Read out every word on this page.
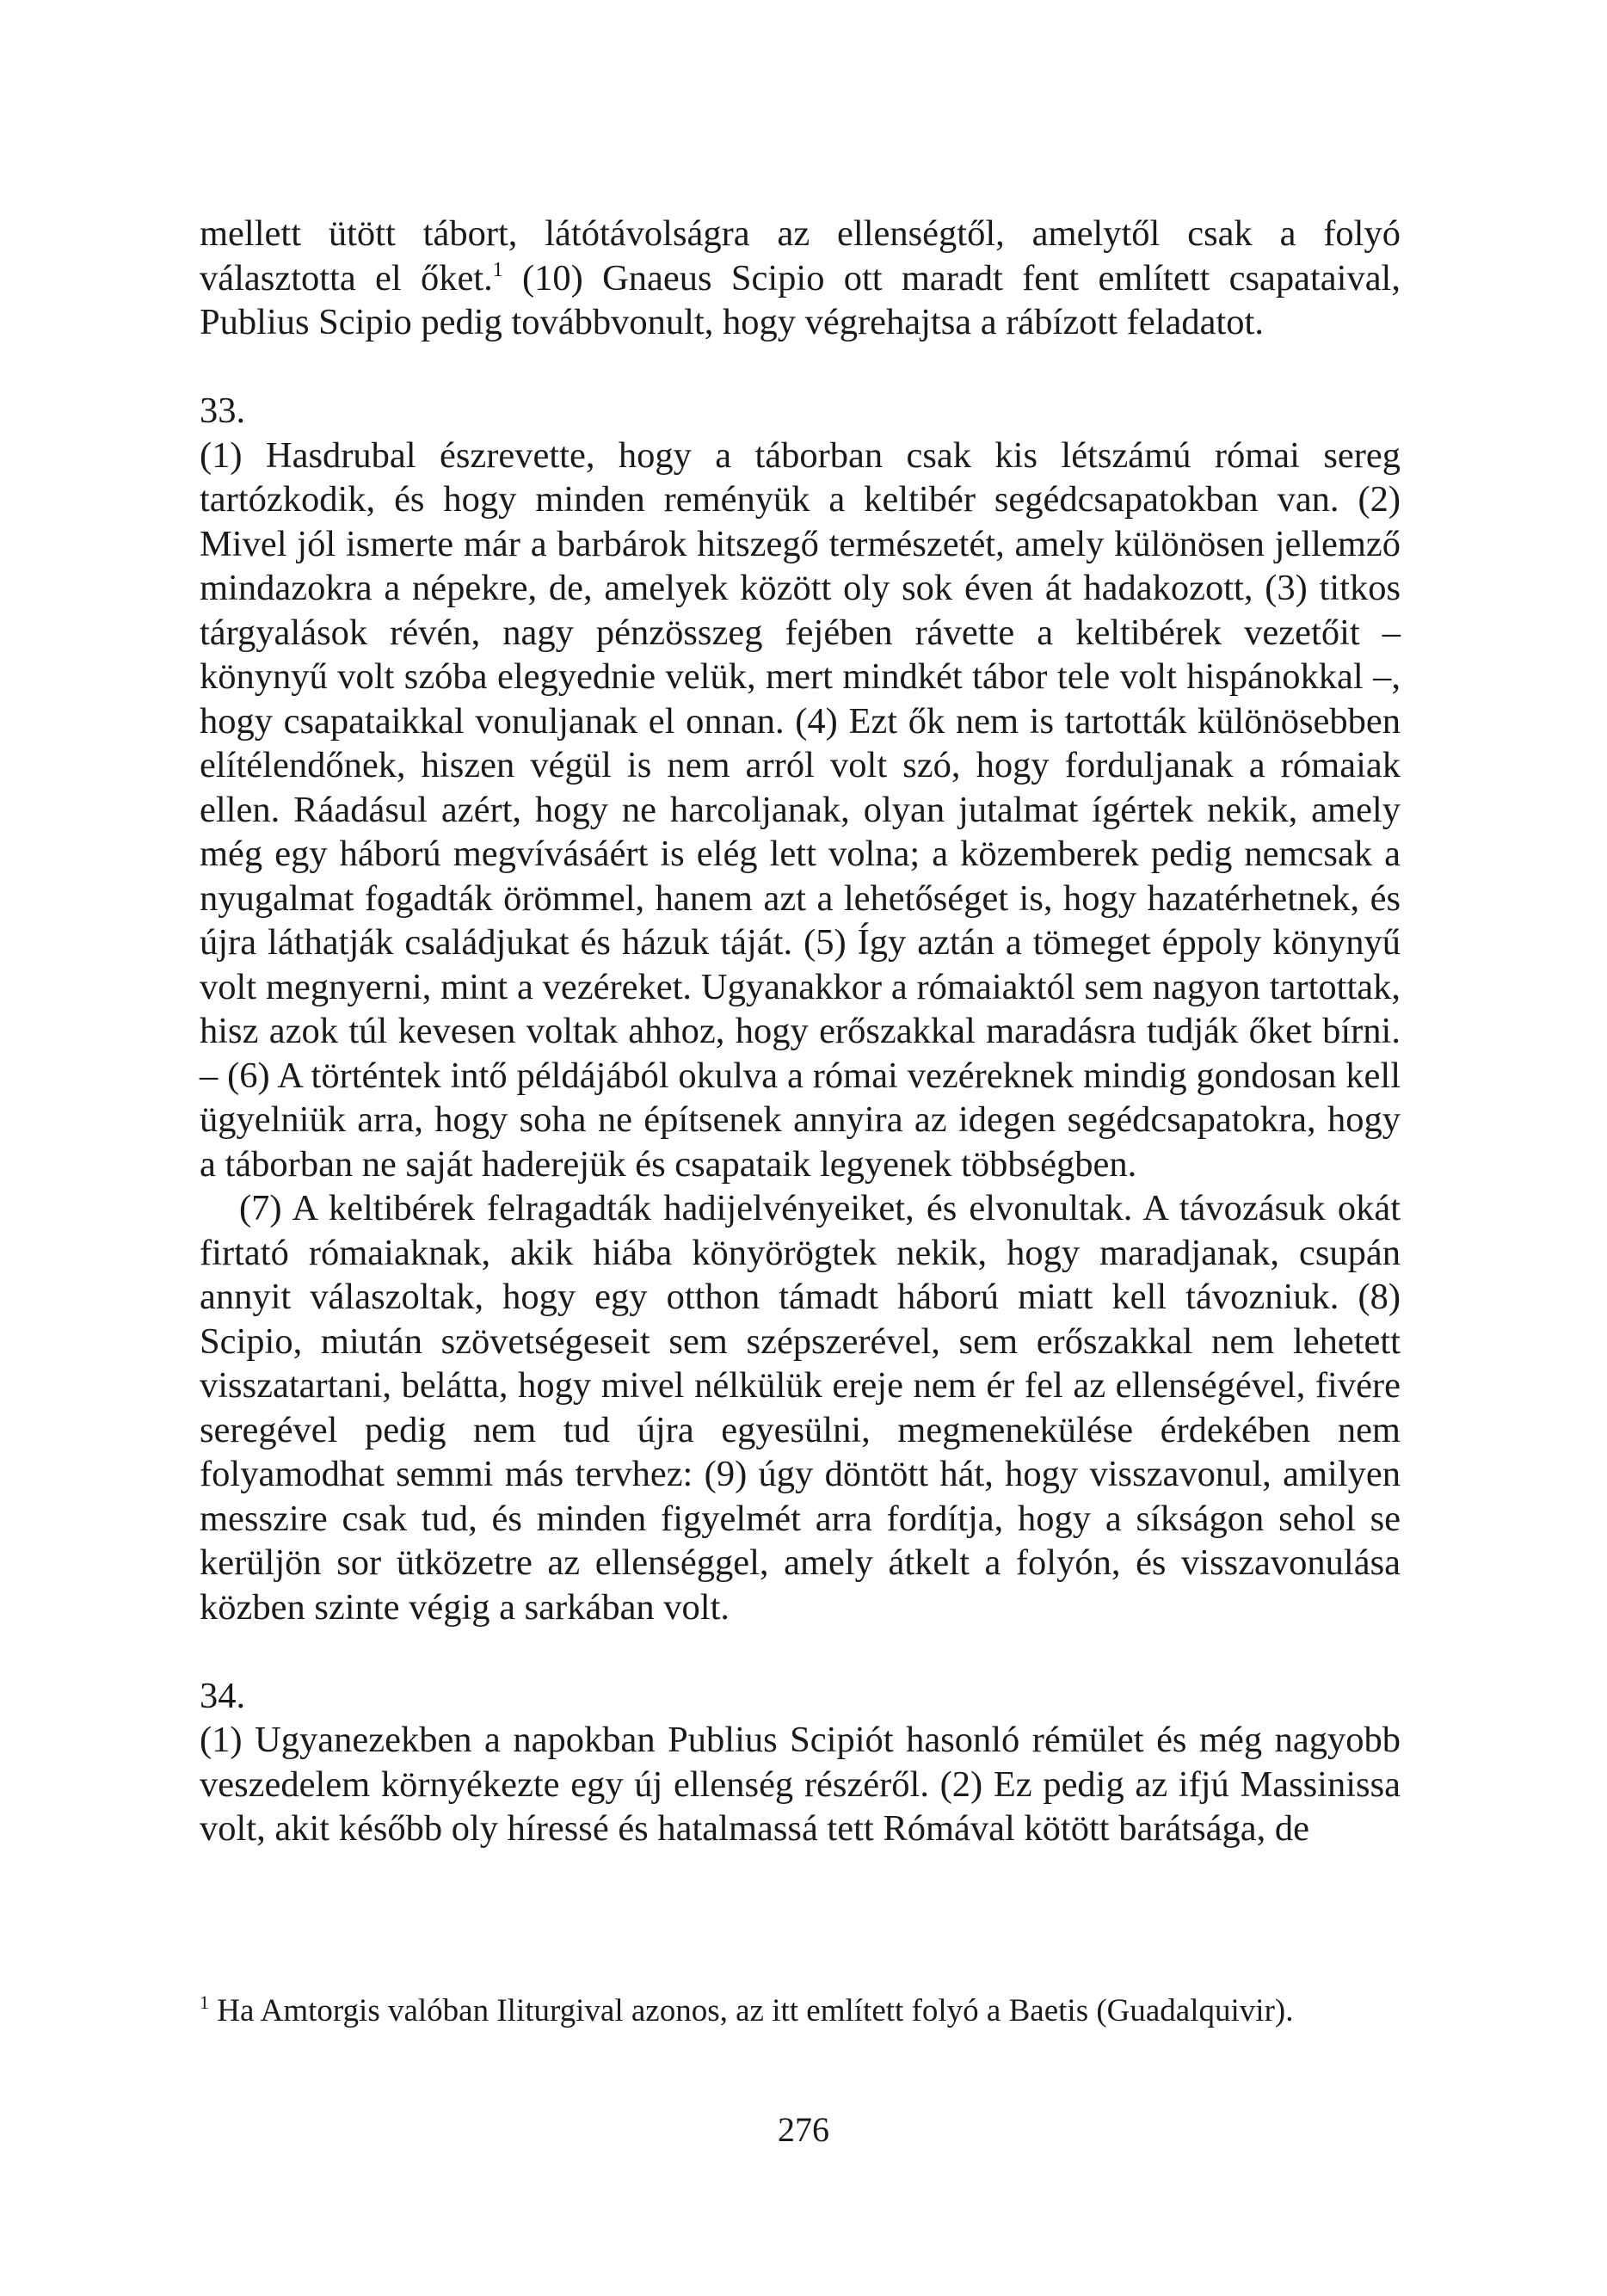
mellett ütött tábort, látótávolságra az ellenségtől, amelytől csak a folyó választotta el őket.$^1$ (10) Gnaeus Scipio ott maradt fent említett csapataival, Publius Scipio pedig továbbvonult, hogy végrehajtsa a rábízott feladatot.

33.

(1) Hasdrubal észrevette, hogy a táborban csak kis létszámú római sereg tartózkodik, és hogy minden reményük a keltibér segédcsapatokban van. (2) Mivel jól ismerte már a barbárok hitszegő természetét, amely különösen jellemző mindazokra a népekre, de, amelyek között oly sok éven át hadakozott, (3) titkos tárgyalások révén, nagy pénzösszeg fejében rávette a keltibérek vezetőit – könynyű volt szóba elegyednie velük, mert mindkét tábor tele volt hispánokkal –, hogy csapataikkal vonuljanak el onnan. (4) Ezt ők nem is tartották különösebben elítélendőnek, hiszen végül is nem arról volt szó, hogy forduljanak a rómaiak ellen. Ráadásul azért, hogy ne harcoljanak, olyan jutalmat ígértek nekik, amely még egy háború megvívásáért is elég lett volna; a közemberek pedig nemcsak a nyugalmat fogadták örömmel, hanem azt a lehetőséget is, hogy hazatérhetnek, és újra láthatják családjukat és házuk táját. (5) Így aztán a tömeget éppoly könynyű volt megnyerni, mint a vezéreket. Ugyanakkor a rómaiaktól sem nagyon tartottak, hisz azok túl kevesen voltak ahhoz, hogy erőszakkal maradásra tudják őket bírni. – (6) A történtek intő példájából okulva a római vezéreknek mindig gondosan kell ügyelniük arra, hogy soha ne építsenek annyira az idegen segédcsapatokra, hogy a táborban ne saját haderejük és csapataik legyenek többségben.

(7) A keltibérek felragadták hadijelvényeiket, és elvonultak. A távozásuk okát firtató rómaiaknak, akik hiába könyörögtek nekik, hogy maradjanak, csupán annyit válaszoltak, hogy egy otthon támadt háború miatt kell távozniuk. (8) Scipio, miután szövetségeseit sem szépszerével, sem erőszakkal nem lehetett visszatartani, belátta, hogy mivel nélkülük ereje nem ér fel az ellenségével, fivére seregével pedig nem tud újra egyesülni, megmenekülése érdekében nem folyamodhat semmi más tervhez: (9) úgy döntött hát, hogy visszavonul, amilyen messzire csak tud, és minden figyelmét arra fordítja, hogy a síkságon sehol se kerüljön sor ütközetre az ellenséggel, amely átkelt a folyón, és visszavonulása közben szinte végig a sarkában volt.

34.

(1) Ugyanezekben a napokban Publius Scipiót hasonló rémület és még nagyobb veszedelem környékezte egy új ellenség részéről. (2) Ez pedig az ifjú Massinissa volt, akit később oly híressé és hatalmassá tett Rómával kötött barátsága, de

$^1$ Ha Amtorgis valóban Iliturgival azonos, az itt említett folyó a Baetis (Guadalquivir).

276
